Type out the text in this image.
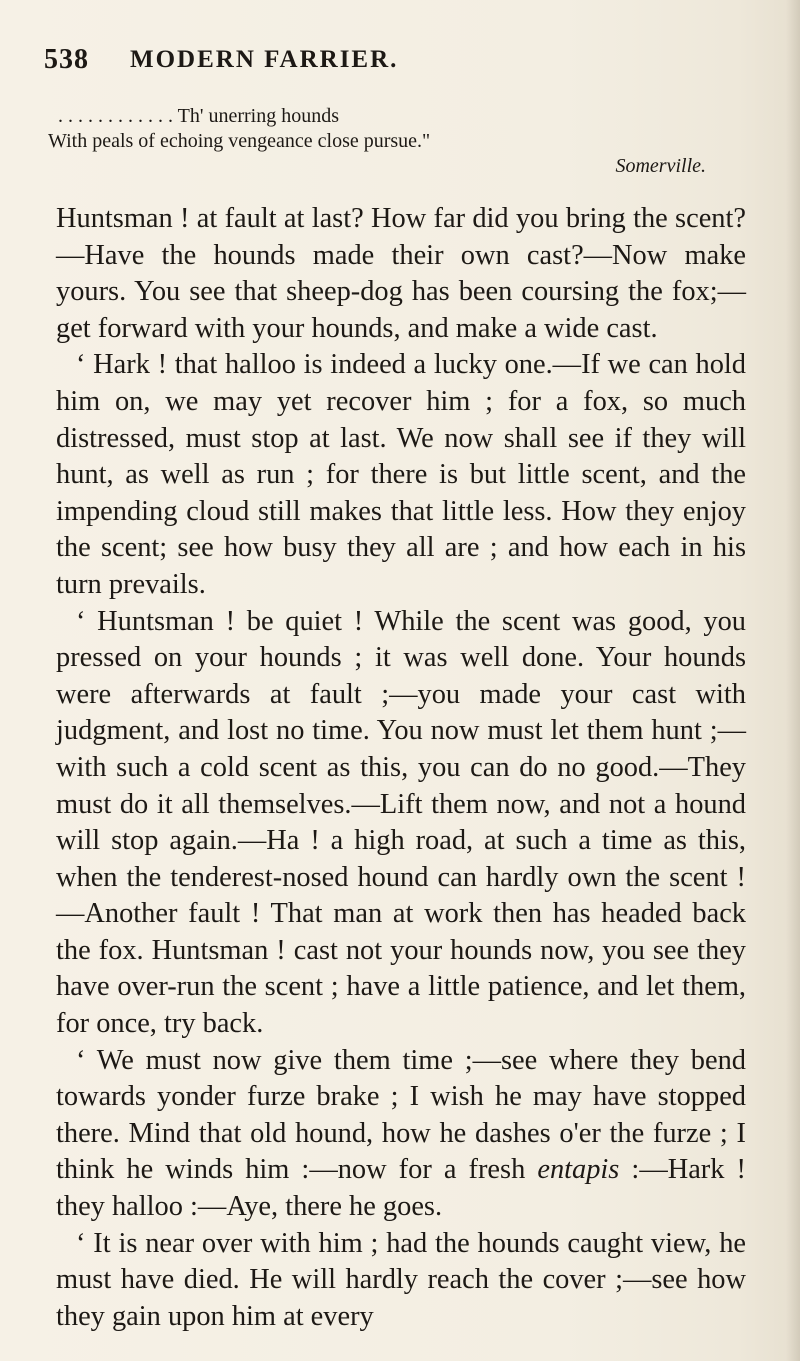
538 MODERN FARRIER.
. . . . . . . . . . . . Th' unerring hounds
With peals of echoing vengeance close pursue."
Somerville.

Huntsman ! at fault at last? How far did you bring the scent?—Have the hounds made their own cast?—Now make yours. You see that sheep-dog has been coursing the fox;—get forward with your hounds, and make a wide cast.

‘ Hark ! that halloo is indeed a lucky one.—If we can hold him on, we may yet recover him ; for a fox, so much distressed, must stop at last. We now shall see if they will hunt, as well as run ; for there is but little scent, and the impending cloud still makes that little less. How they enjoy the scent; see how busy they all are ; and how each in his turn prevails.

‘ Huntsman ! be quiet ! While the scent was good, you pressed on your hounds ; it was well done. Your hounds were afterwards at fault ;—you made your cast with judgment, and lost no time. You now must let them hunt ;—with such a cold scent as this, you can do no good.—They must do it all themselves.—Lift them now, and not a hound will stop again.—Ha ! a high road, at such a time as this, when the tenderest-nosed hound can hardly own the scent !—Another fault ! That man at work then has headed back the fox. Huntsman ! cast not your hounds now, you see they have over-run the scent ; have a little patience, and let them, for once, try back.

‘ We must now give them time ;—see where they bend towards yonder furze brake ; I wish he may have stopped there. Mind that old hound, how he dashes o'er the furze ; I think he winds him :—now for a fresh entapis :—Hark ! they halloo :—Aye, there he goes.

‘ It is near over with him ; had the hounds caught view, he must have died. He will hardly reach the cover ;—see how they gain upon him at every
